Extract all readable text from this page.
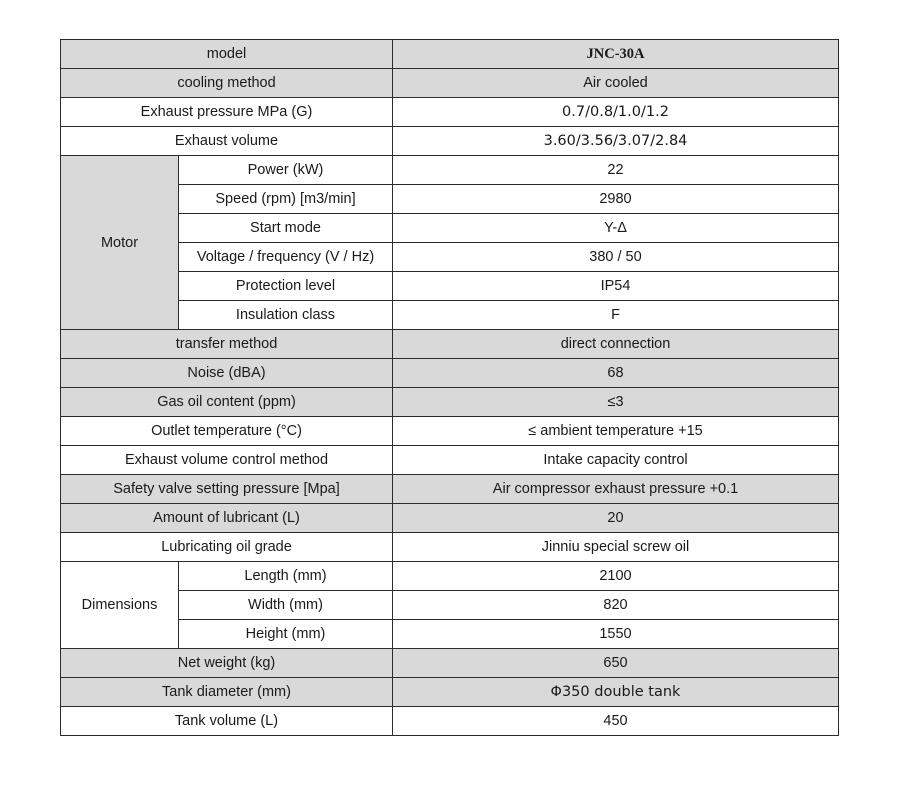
model		JNC-30A
cooling method		Air cooled
Exhaust pressure MPa (G)		0.7/0.8/1.0/1.2
Exhaust volume		3.60/3.56/3.07/2.84
Motor	Power (kW)	22
	Speed (rpm) [m3/min]	2980
	Start mode	Y-Δ
	Voltage / frequency (V / Hz)	380 / 50
	Protection level	IP54
	Insulation class	F
transfer method		direct connection
Noise (dBA)		68
Gas oil content (ppm)		≤3
Outlet temperature (°C)		≤ ambient temperature +15
Exhaust volume control method		Intake capacity control
Safety valve setting pressure [Mpa]		Air compressor exhaust pressure +0.1
Amount of lubricant (L)		20
Lubricating oil grade		Jinniu special screw oil
Dimensions	Length (mm)	2100
	Width (mm)	820
	Height (mm)	1550
Net weight (kg)		650
Tank diameter (mm)		Φ350 double tank
Tank volume (L)		450
